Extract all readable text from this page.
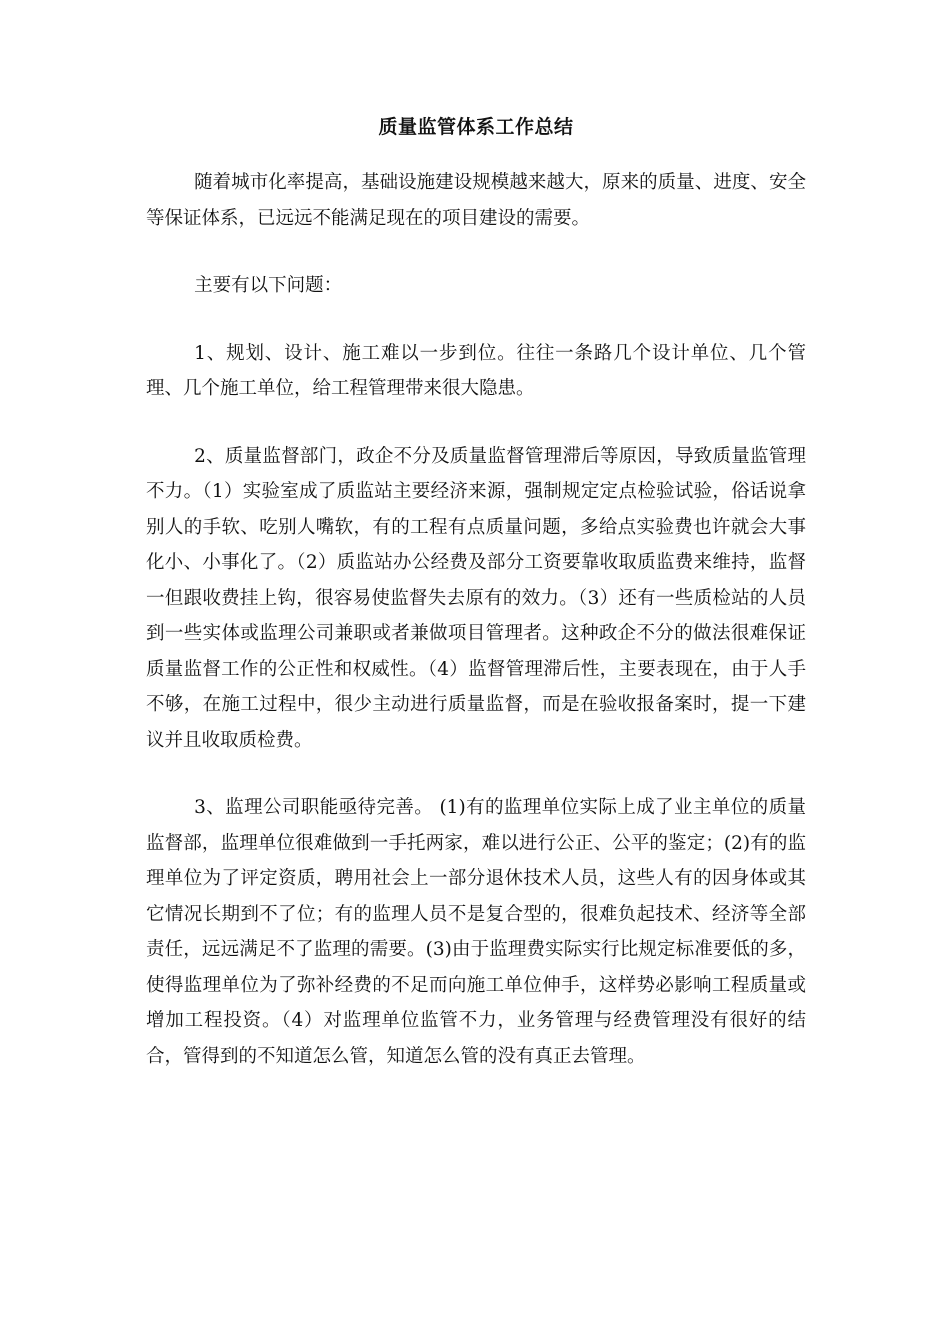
质量监管体系工作总结

随着城市化率提高，基础设施建设规模越来越大，原来的质量、进度、安全等保证体系，已远远不能满足现在的项目建设的需要。

主要有以下问题：

1、规划、设计、施工难以一步到位。往往一条路几个设计单位、几个管理、几个施工单位，给工程管理带来很大隐患。

2、质量监督部门，政企不分及质量监督管理滞后等原因，导致质量监管理不力。（1）实验室成了质监站主要经济来源，强制规定定点检验试验，俗话说拿别人的手软、吃别人嘴软，有的工程有点质量问题，多给点实验费也许就会大事化小、小事化了。（2）质监站办公经费及部分工资要靠收取质监费来维持，监督一但跟收费挂上钩，很容易使监督失去原有的效力。（3）还有一些质检站的人员到一些实体或监理公司兼职或者兼做项目管理者。这种政企不分的做法很难保证质量监督工作的公正性和权威性。（4）监督管理滞后性，主要表现在，由于人手不够，在施工过程中，很少主动进行质量监督，而是在验收报备案时，提一下建议并且收取质检费。

3、监理公司职能亟待完善。 (1)有的监理单位实际上成了业主单位的质量监督部，监理单位很难做到一手托两家，难以进行公正、公平的鉴定；(2)有的监理单位为了评定资质，聘用社会上一部分退休技术人员，这些人有的因身体或其它情况长期到不了位；有的监理人员不是复合型的，很难负起技术、经济等全部责任，远远满足不了监理的需要。(3)由于监理费实际实行比规定标准要低的多，使得监理单位为了弥补经费的不足而向施工单位伸手，这样势必影响工程质量或增加工程投资。（4）对监理单位监管不力，业务管理与经费管理没有很好的结合，管得到的不知道怎么管，知道怎么管的没有真正去管理。
